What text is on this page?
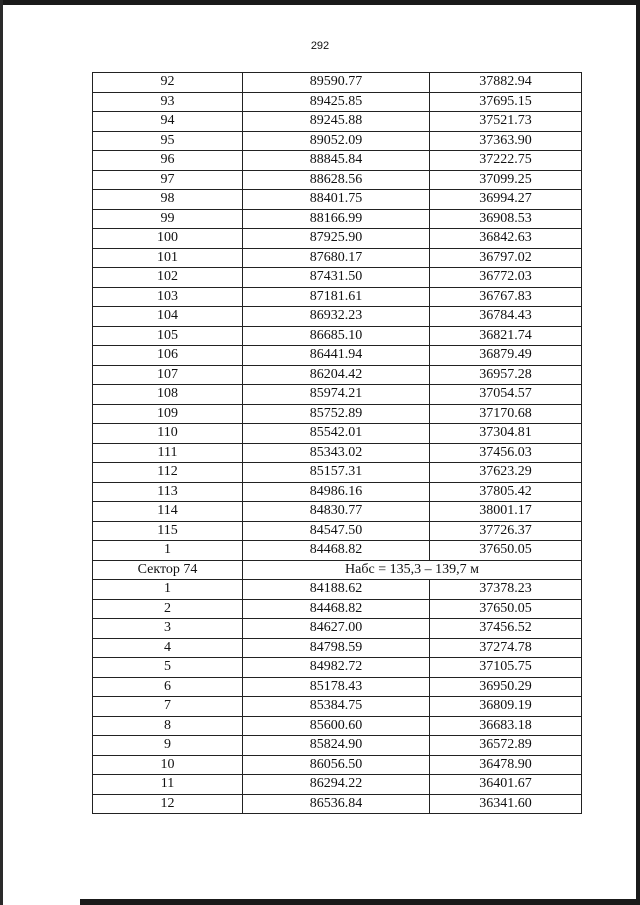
292
92	89590.77	37882.94
93	89425.85	37695.15
94	89245.88	37521.73
95	89052.09	37363.90
96	88845.84	37222.75
97	88628.56	37099.25
98	88401.75	36994.27
99	88166.99	36908.53
100	87925.90	36842.63
101	87680.17	36797.02
102	87431.50	36772.03
103	87181.61	36767.83
104	86932.23	36784.43
105	86685.10	36821.74
106	86441.94	36879.49
107	86204.42	36957.28
108	85974.21	37054.57
109	85752.89	37170.68
110	85542.01	37304.81
111	85343.02	37456.03
112	85157.31	37623.29
113	84986.16	37805.42
114	84830.77	38001.17
115	84547.50	37726.37
1	84468.82	37650.05
Сектор 74	Набс = 135,3 – 139,7 м	
1	84188.62	37378.23
2	84468.82	37650.05
3	84627.00	37456.52
4	84798.59	37274.78
5	84982.72	37105.75
6	85178.43	36950.29
7	85384.75	36809.19
8	85600.60	36683.18
9	85824.90	36572.89
10	86056.50	36478.90
11	86294.22	36401.67
12	86536.84	36341.60
